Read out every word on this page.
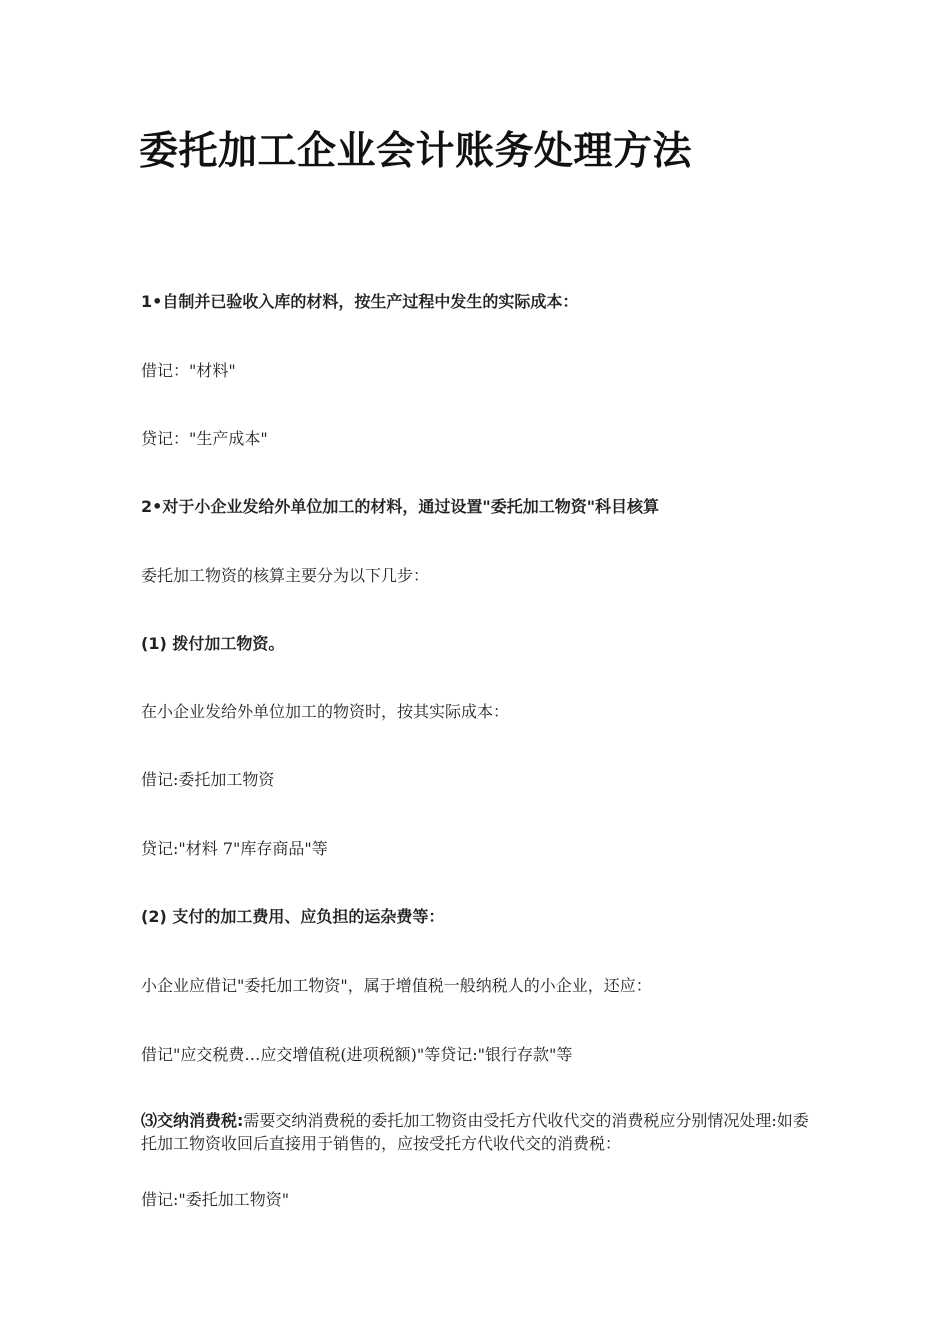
委托加工企业会计账务处理方法

1•自制并已验收入库的材料，按生产过程中发生的实际成本：

借记："材料"

贷记："生产成本"

2•对于小企业发给外单位加工的材料，通过设置"委托加工物资"科目核算

委托加工物资的核算主要分为以下几步：

(1) 拨付加工物资。

在小企业发给外单位加工的物资时，按其实际成本：

借记:委托加工物资

贷记:"材料 7"库存商品"等

(2) 支付的加工费用、应负担的运杂费等：

小企业应借记"委托加工物资"，属于增值税一般纳税人的小企业，还应：

借记"应交税费…应交增值税(进项税额)"等贷记:"银行存款"等

⑶交纳消费税:需要交纳消费税的委托加工物资由受托方代收代交的消费税应分别情况处理:如委托加工物资收回后直接用于销售的，应按受托方代收代交的消费税：

借记:"委托加工物资"
